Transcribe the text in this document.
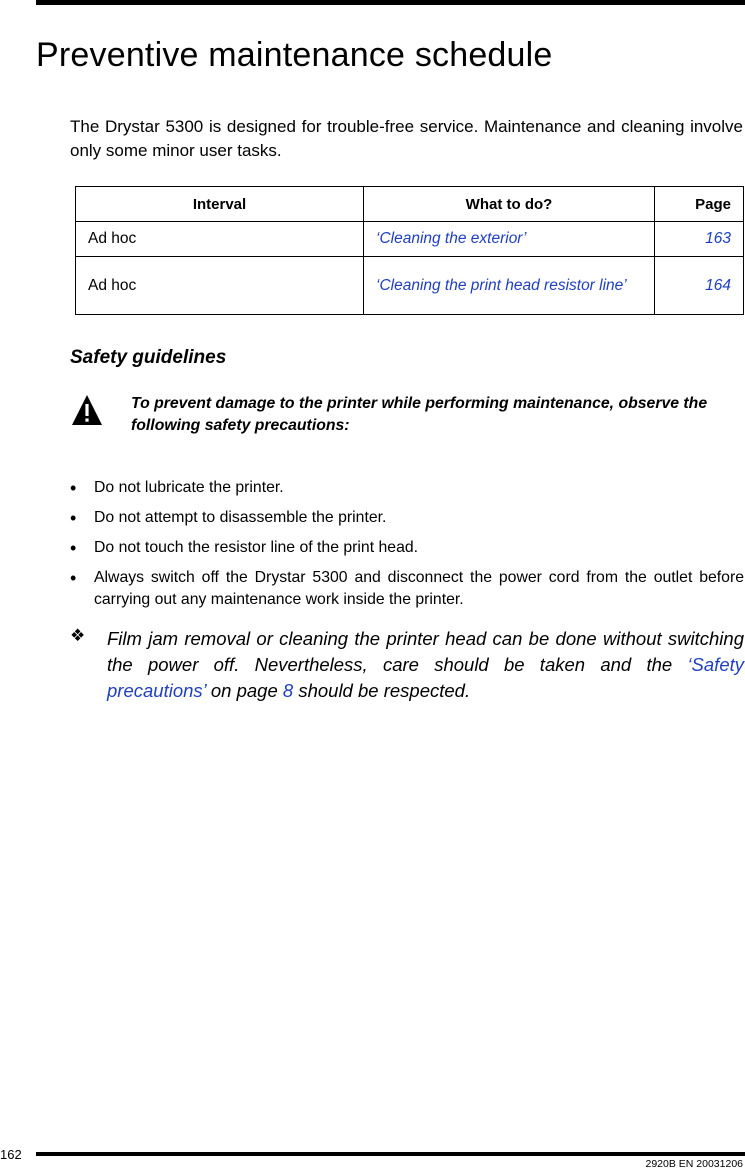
Preventive maintenance schedule

The Drystar 5300 is designed for trouble-free service. Maintenance and cleaning involve only some minor user tasks.

Interval	What to do?	Page
Ad hoc	‘Cleaning the exterior’	163
Ad hoc	‘Cleaning the print head resistor line’	164
Safety guidelines

To prevent damage to the printer while performing maintenance, observe the following safety precautions:

• Do not lubricate the printer.
• Do not attempt to disassemble the printer.
• Do not touch the resistor line of the print head.
• Always switch off the Drystar 5300 and disconnect the power cord from the outlet before carrying out any maintenance work inside the printer.
❖	Film jam removal or cleaning the printer head can be done without switching the power off. Nevertheless, care should be taken and the ‘Safety precautions’ on page 8 should be respected.

162
2920B EN 20031206
